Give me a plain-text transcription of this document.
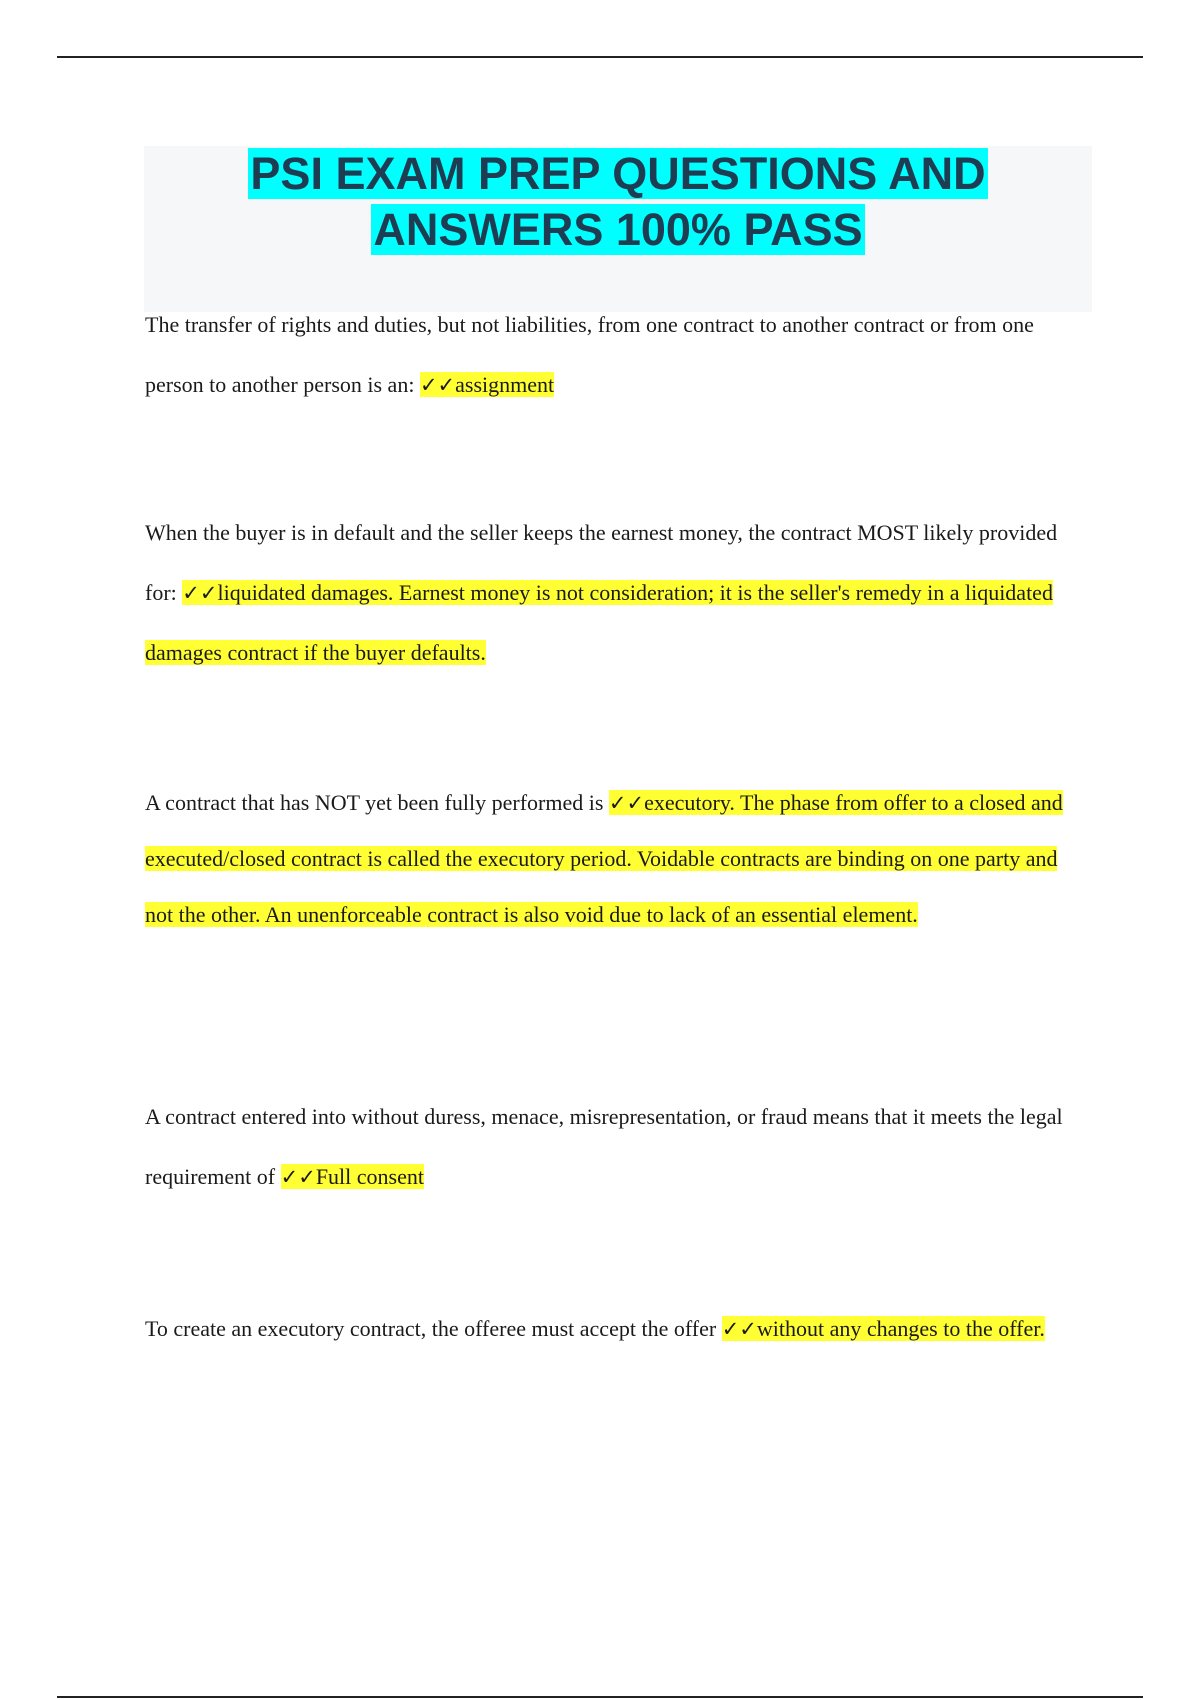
PSI EXAM PREP QUESTIONS AND
ANSWERS 100% PASS
The transfer of rights and duties, but not liabilities, from one contract to another contract or from one person to another person is an: ✓✓assignment
When the buyer is in default and the seller keeps the earnest money, the contract MOST likely provided for: ✓✓liquidated damages. Earnest money is not consideration; it is the seller's remedy in a liquidated damages contract if the buyer defaults.
A contract that has NOT yet been fully performed is ✓✓executory. The phase from offer to a closed and executed/closed contract is called the executory period. Voidable contracts are binding on one party and not the other. An unenforceable contract is also void due to lack of an essential element.
A contract entered into without duress, menace, misrepresentation, or fraud means that it meets the legal requirement of ✓✓Full consent
To create an executory contract, the offeree must accept the offer ✓✓without any changes to the offer.
